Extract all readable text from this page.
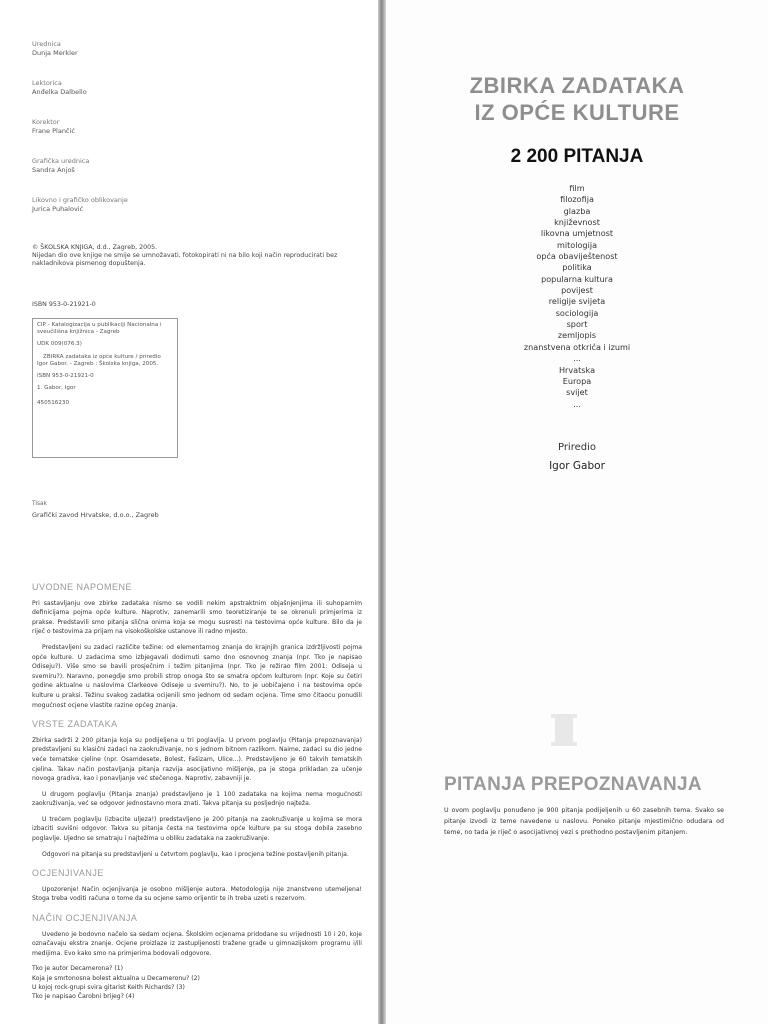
Urednica
Dunja Merkler
Lektorica
Anđelka Dalbello
Korektor
Frane Plančić
Grafička urednica
Sandra Anjoš
Likovno i grafičko oblikovanje
Jurica Puhalović
© ŠKOLSKA KNJIGA, d.d., Zagreb, 2005.
Nijedan dio ove knjige ne smije se umnožavati, fotokopirati ni na bilo koji način reproducirati bez nakladnikova pismenog dopuštenja.
ISBN 953-0-21921-0

CIP - Katalogizacija u publikaciji Nacionalna i sveučilišna knjižnica - Zagreb

UDK 009(076.3)

ZBIRKA zadataka iz opće kulture / priredio Igor Gabor. - Zagreb : Školska knjiga, 2005.

ISBN 953-0-21921-0

1. Gabor, Igor

450516230

Tisak
Grafički zavod Hrvatske, d.o.o., Zagreb
UVODNE NAPOMENE

Pri sastavljanju ove zbirke zadataka nismo se vodili nekim apstraktnim objašnjenjima ili suhoparnim definicijama pojma opće kulture. Naprotiv, zanemarili smo teoretiziranje te se okrenuli primjerima iz prakse. Predstavili smo pitanja slična onima koja se mogu susresti na testovima opće kulture. Bilo da je riječ o testovima za prijam na visokoškolske ustanove ili radno mjesto.

Predstavljeni su zadaci različite težine: od elementarnog znanja do krajnjih granica izdržljivosti pojma opće kulture. U zadacima smo izbjegavali dodirnuti samo dno osnovnog znanja (npr. Tko je napisao Odiseju?). Više smo se bavili prosječnim i težim pitanjima (npr. Tko je režirao film 2001: Odiseja u svemiru?). Naravno, ponegdje smo probili strop onoga što se smatra općom kulturom (npr. Koje su četiri godine aktualne u naslovima Clarkeove Odiseje u svemiru?). No, to je uobičajeno i na testovima opće kulture u praksi. Težinu svakog zadatka ocijenili smo jednom od sedam ocjena. Time smo čitaocu ponudili mogućnost ocjene vlastite razine općeg znanja.

VRSTE ZADATAKA

Zbirka sadrži 2 200 pitanja koja su podijeljena u tri poglavlja. U prvom poglavlju (Pitanja prepoznavanja) predstavljeni su klasični zadaci na zaokruživanje, no s jednom bitnom razlikom. Naime, zadaci su dio jedne veće tematske cjeline (npr. Osamdesete, Bolest, Fašizam, Ulice...). Predstavljeno je 60 takvih tematskih cjelina. Takav način postavljanja pitanja razvija asocijativno mišljenje, pa je stoga prikladan za učenje novoga gradiva, kao i ponavljanje već stečenoga. Naprotiv, zabavniji je.

U drugom poglavlju (Pitanja znanja) predstavljeno je 1 100 zadataka na kojima nema mogućnosti zaokruživanja, već se odgovor jednostavno mora znati. Takva pitanja su posljednjo najteža.

U trećem poglavlju (izbacite uljeza!) predstavljeno je 200 pitanja na zaokruživanje u kojima se mora izbaciti suvišni odgovor. Takva su pitanja česta na testovima opće kulture pa su stoga dobila zasebno poglavlje. Ujedno se smatraju i najtežima u obliku zadataka na zaokruživanje.

Odgovori na pitanja su predstavljeni u četvrtom poglavlju, kao i procjena težine postavljenih pitanja.

OCJENJIVANJE

Upozorenje! Način ocjenjivanja je osobno mišljenje autora. Metodologija nije znanstveno utemeljena! Stoga treba voditi računa o tome da su ocjene samo orijentir te ih treba uzeti s rezervom.

NAČIN OCJENJIVANJA

Uvedeno je bodovno načelo sa sedam ocjena. Školskim ocjenama pridodane su vrijednosti 10 i 20, koje označavaju ekstra znanje. Ocjene proizlaze iz zastupljenosti tražene građe u gimnazijskom programu i/ili medijima. Evo kako smo na primjerima bodovali odgovore.

Tko je autor Decamerona? (1)

Koja je smrtonosna bolest aktualna u Decameronu? (2)

U kojoj rock-grupi svira gitarist Keith Richards? (3)

Tko je napisao Čarobni brijeg? (4)

ZBIRKA ZADATAKA
IZ OPĆE KULTURE
2 200 PITANJA
film
filozofija
glazba
književnost
likovna umjetnost
mitologija
opća obaviještenost
politika
popularna kultura
povijest
religije svijeta
sociologija
sport
zemljopis
znanstvena otkrića i izumi
...
Hrvatska
Europa
svijet
...
Priredio
Igor Gabor
PITANJA PREPOZNAVANJA
U ovom poglavlju ponuđeno je 900 pitanja podijeljenih u 60 zasebnih tema. Svako se pitanje izvodi iz teme navedene u naslovu. Poneko pitanje mjestimično odudara od teme, no tada je riječ o asocijativnoj vezi s prethodno postavljenim pitanjem.
